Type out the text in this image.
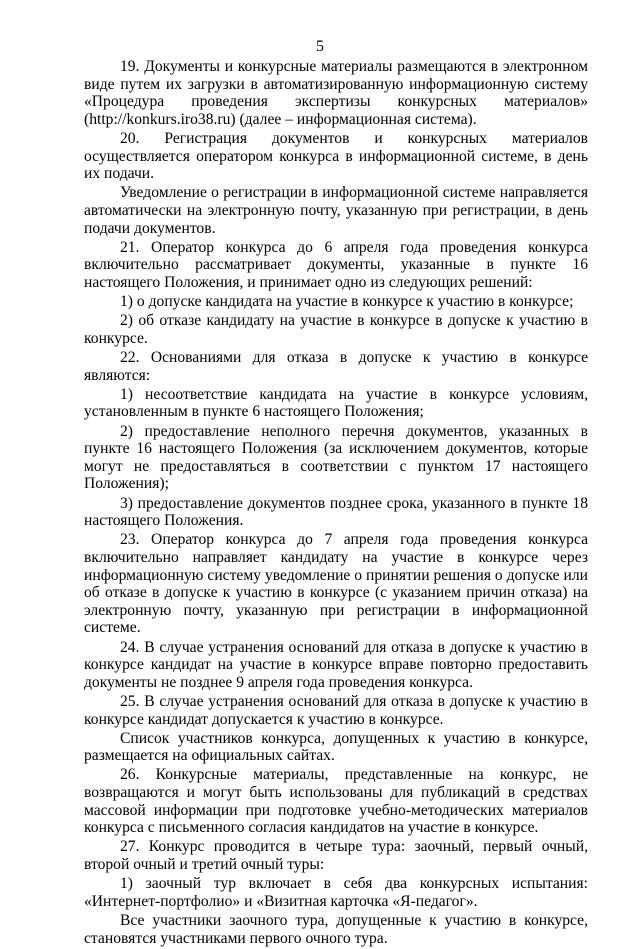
5

19. Документы и конкурсные материалы размещаются в электронном виде путем их загрузки в автоматизированную информационную систему «Процедура проведения экспертизы конкурсных материалов» (http://konkurs.iro38.ru) (далее – информационная система).

20. Регистрация документов и конкурсных материалов осуществляется оператором конкурса в информационной системе, в день их подачи.

Уведомление о регистрации в информационной системе направляется автоматически на электронную почту, указанную при регистрации, в день подачи документов.

21. Оператор конкурса до 6 апреля года проведения конкурса включительно рассматривает документы, указанные в пункте 16 настоящего Положения, и принимает одно из следующих решений:

1) о допуске кандидата на участие в конкурсе к участию в конкурсе;

2) об отказе кандидату на участие в конкурсе в допуске к участию в конкурсе.

22. Основаниями для отказа в допуске к участию в конкурсе являются:

1) несоответствие кандидата на участие в конкурсе условиям, установленным в пункте 6 настоящего Положения;

2) предоставление неполного перечня документов, указанных в пункте 16 настоящего Положения (за исключением документов, которые могут не предоставляться в соответствии с пунктом 17 настоящего Положения);

3) предоставление документов позднее срока, указанного в пункте 18 настоящего Положения.

23. Оператор конкурса до 7 апреля года проведения конкурса включительно направляет кандидату на участие в конкурсе через информационную систему уведомление о принятии решения о допуске или об отказе в допуске к участию в конкурсе (с указанием причин отказа) на электронную почту, указанную при регистрации в информационной системе.

24. В случае устранения оснований для отказа в допуске к участию в конкурсе кандидат на участие в конкурсе вправе повторно предоставить документы не позднее 9 апреля года проведения конкурса.

25. В случае устранения оснований для отказа в допуске к участию в конкурсе кандидат допускается к участию в конкурсе.

Список участников конкурса, допущенных к участию в конкурсе, размещается на официальных сайтах.

26. Конкурсные материалы, представленные на конкурс, не возвращаются и могут быть использованы для публикаций в средствах массовой информации при подготовке учебно-методических материалов конкурса с письменного согласия кандидатов на участие в конкурсе.

27. Конкурс проводится в четыре тура: заочный, первый очный, второй очный и третий очный туры:

1) заочный тур включает в себя два конкурсных испытания: «Интернет-портфолио» и «Визитная карточка «Я-педагог».

Все участники заочного тура, допущенные к участию в конкурсе, становятся участниками первого очного тура.
